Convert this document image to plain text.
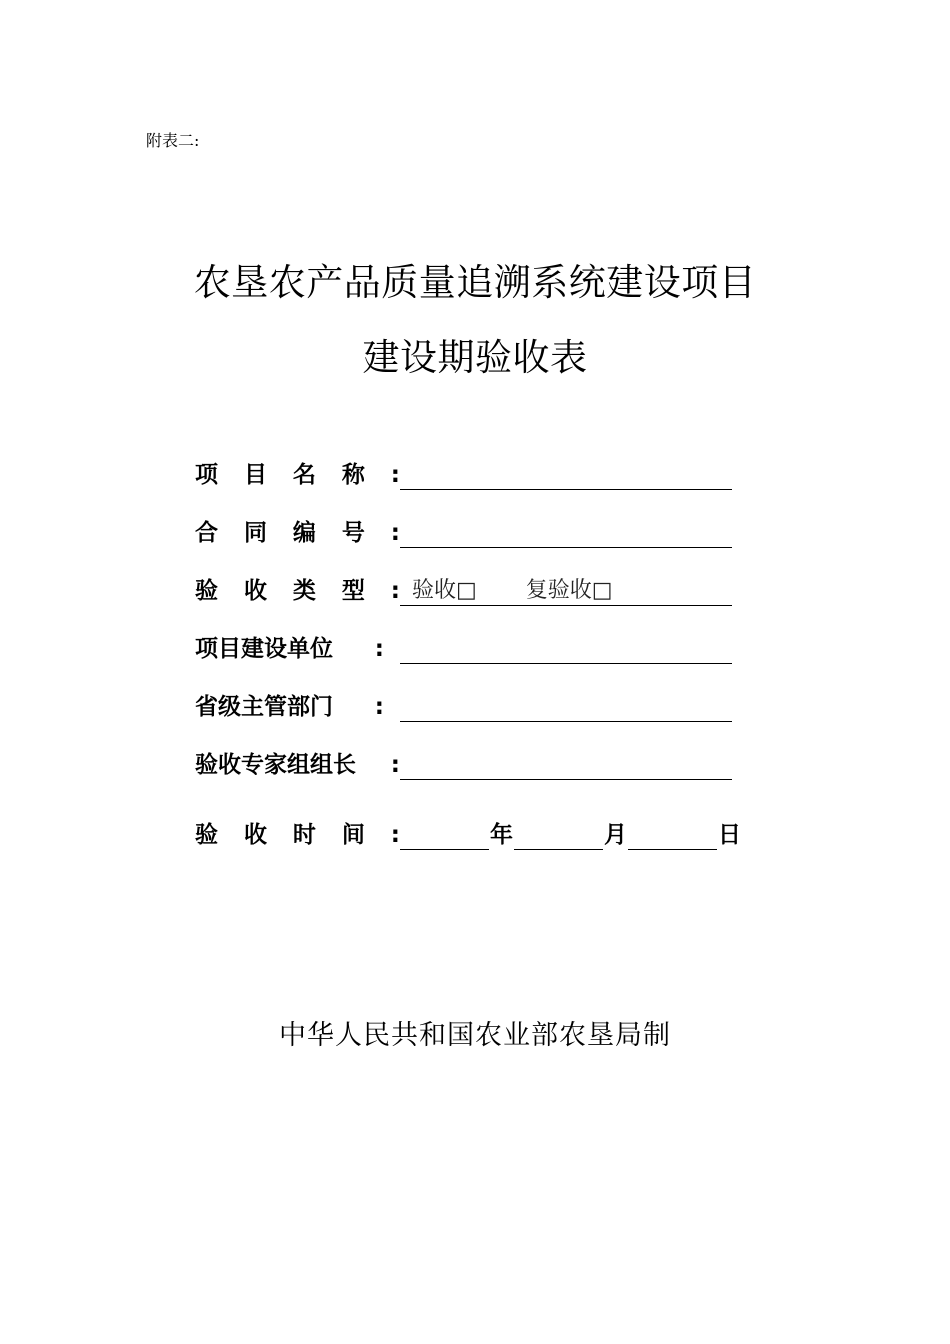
附表二:
农垦农产品质量追溯系统建设项目
建设期验收表
项 目 名 称 :
合 同 编 号 :
验 收 类 型 : 验收□ 复验收□
项目建设单位 :
省级主管部门 :
验收专家组组长 :
验 收 时 间 :	年	月	日
中华人民共和国农业部农垦局制
